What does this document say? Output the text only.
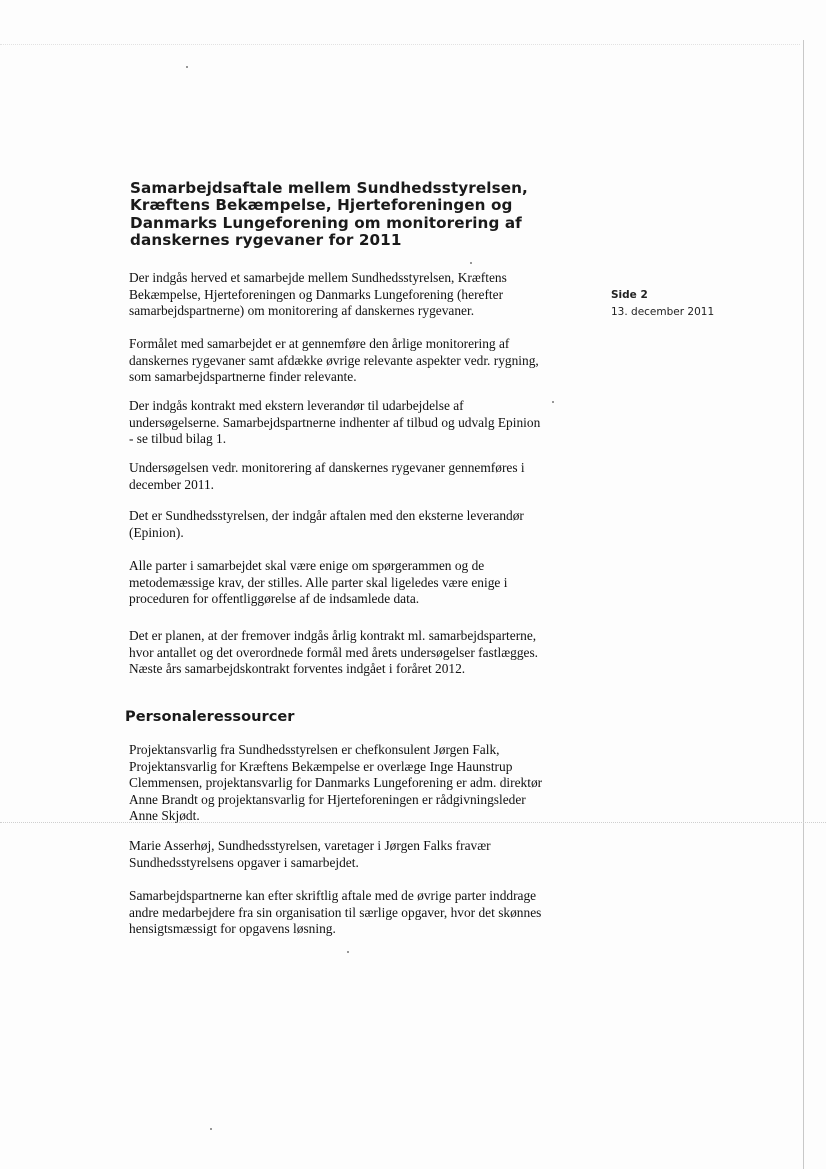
Samarbejdsaftale mellem Sundhedsstyrelsen, Kræftens Bekæmpelse, Hjerteforeningen og Danmarks Lungeforening om monitorering af danskernes rygevaner for 2011
Side 2
13. december 2011

Der indgås herved et samarbejde mellem Sundhedsstyrelsen, Kræftens
Bekæmpelse, Hjerteforeningen og Danmarks Lungeforening (herefter
samarbejdspartnerne) om monitorering af danskernes rygevaner.

Formålet med samarbejdet er at gennemføre den årlige monitorering af
danskernes rygevaner samt afdække øvrige relevante aspekter vedr. rygning,
som samarbejdspartnerne finder relevante.

Der indgås kontrakt med ekstern leverandør til udarbejdelse af
undersøgelserne. Samarbejdspartnerne indhenter af tilbud og udvalg Epinion
- se tilbud bilag 1.

Undersøgelsen vedr. monitorering af danskernes rygevaner gennemføres i
december 2011.

Det er Sundhedsstyrelsen, der indgår aftalen med den eksterne leverandør
(Epinion).

Alle parter i samarbejdet skal være enige om spørgerammen og de
metodemæssige krav, der stilles. Alle parter skal ligeledes være enige i
proceduren for offentliggørelse af de indsamlede data.

Det er planen, at der fremover indgås årlig kontrakt ml. samarbejdsparterne,
hvor antallet og det overordnede formål med årets undersøgelser fastlægges.
Næste års samarbejdskontrakt forventes indgået i foråret 2012.

Personaleressourcer

Projektansvarlig fra Sundhedsstyrelsen er chefkonsulent Jørgen Falk,
Projektansvarlig for Kræftens Bekæmpelse er overlæge Inge Haunstrup
Clemmensen, projektansvarlig for Danmarks Lungeforening er adm. direktør
Anne Brandt og projektansvarlig for Hjerteforeningen er rådgivningsleder
Anne Skjødt.

Marie Asserhøj, Sundhedsstyrelsen, varetager i Jørgen Falks fravær
Sundhedsstyrelsens opgaver i samarbejdet.

Samarbejdspartnerne kan efter skriftlig aftale med de øvrige parter inddrage
andre medarbejdere fra sin organisation til særlige opgaver, hvor det skønnes
hensigtsmæssigt for opgavens løsning.
